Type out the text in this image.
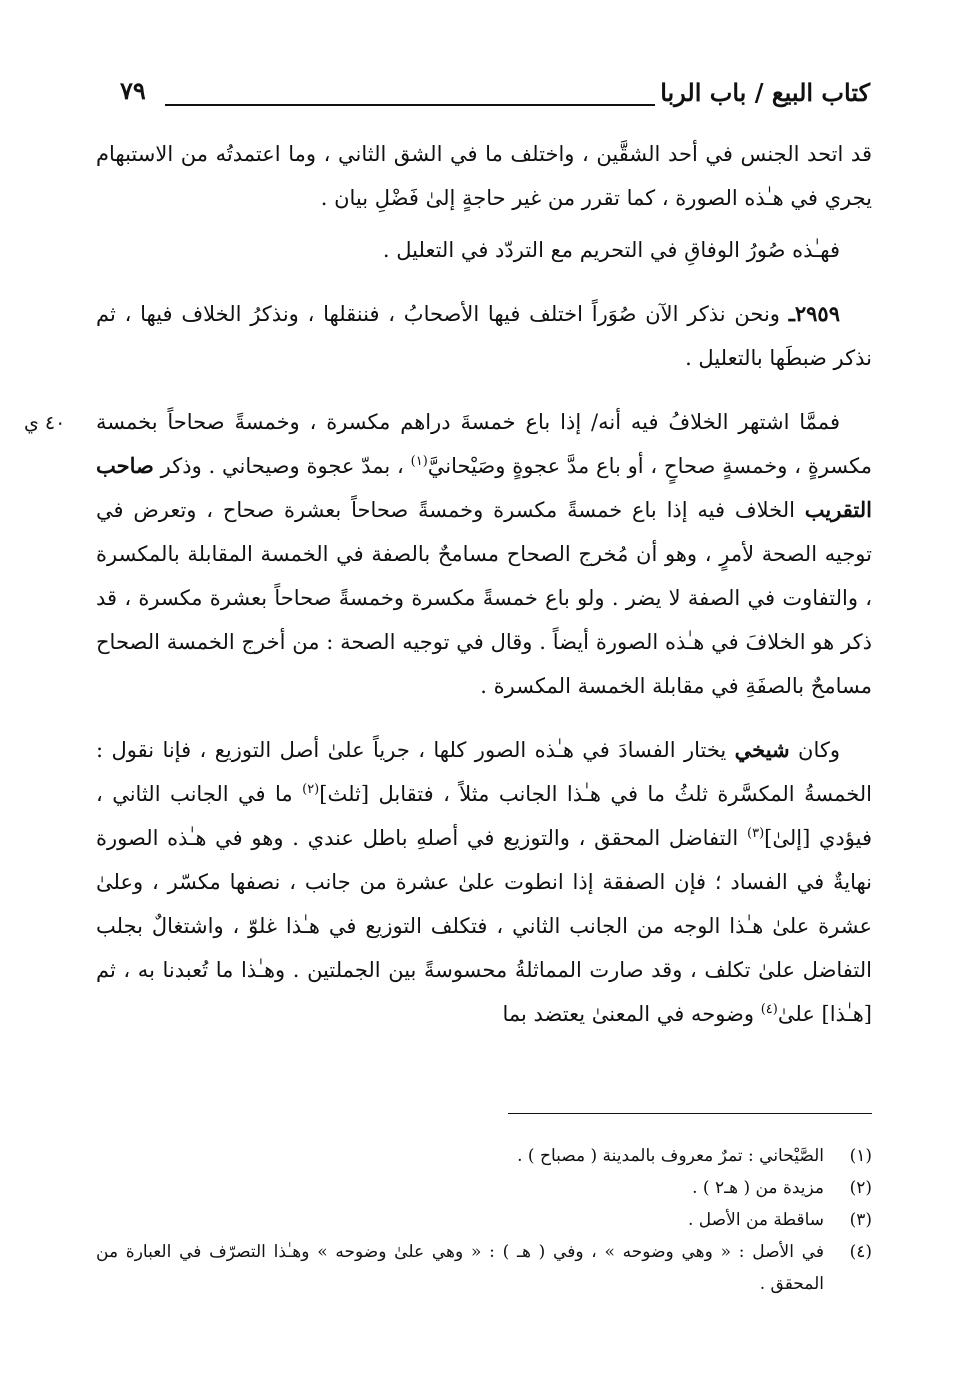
كتاب البيع / باب الربا
٧٩
٤٠ ي

قد اتحد الجنس في أحد الشقَّين ، واختلف ما في الشق الثاني ، وما اعتمدتُه من الاستبهام يجري في هـٰذه الصورة ، كما تقرر من غير حاجةٍ إلىٰ فَضْلِ بيان .

فهـٰذه صُورُ الوفاقِ في التحريم مع التردّد في التعليل .

٢٩٥٩ـ ونحن نذكر الآن صُوَراً اختلف فيها الأصحابُ ، فننقلها ، ونذكرُ الخلاف فيها ، ثم نذكر ضبطَها بالتعليل .

فممَّا اشتهر الخلافُ فيه أنه/ إذا باع خمسةَ دراهم مكسرة ، وخمسةً صحاحاً بخمسة مكسرةٍ ، وخمسةٍ صحاحٍ ، أو باع مدَّ عجوةٍ وصَيْحانيَّ$^{(١)}$ ، بمدّ عجوة وصيحاني . وذكر صاحب التقريب الخلاف فيه إذا باع خمسةً مكسرة وخمسةً صحاحاً بعشرة صحاح ، وتعرض في توجيه الصحة لأمرٍ ، وهو أن مُخرج الصحاح مسامحٌ بالصفة في الخمسة المقابلة بالمكسرة ، والتفاوت في الصفة لا يضر . ولو باع خمسةً مكسرة وخمسةً صحاحاً بعشرة مكسرة ، قد ذكر هو الخلافَ في هـٰذه الصورة أيضاً . وقال في توجيه الصحة : من أخرج الخمسة الصحاح مسامحٌ بالصفَةِ في مقابلة الخمسة المكسرة .

وكان شيخي يختار الفسادَ في هـٰذه الصور كلها ، جرياً علىٰ أصل التوزيع ، فإنا نقول : الخمسةُ المكسَّرة ثلثُ ما في هـٰذا الجانب مثلاً ، فتقابل [ثلث]$^{(٢)}$ ما في الجانب الثاني ، فيؤدي [إلىٰ]$^{(٣)}$ التفاضل المحقق ، والتوزيع في أصلهِ باطل عندي . وهو في هـٰذه الصورة نهايةٌ في الفساد ؛ فإن الصفقة إذا انطوت علىٰ عشرة من جانب ، نصفها مكسّر ، وعلىٰ عشرة علىٰ هـٰذا الوجه من الجانب الثاني ، فتكلف التوزيع في هـٰذا غلوّ ، واشتغالٌ بجلب التفاضل علىٰ تكلف ، وقد صارت المماثلةُ محسوسةً بين الجملتين . وهـٰذا ما تُعبدنا به ، ثم [هـٰذا] علىٰ$^{(٤)}$ وضوحه في المعنىٰ يعتضد بما

(١)
الصَّيْحاني : تمرٌ معروف بالمدينة ( مصباح ) .
(٢)
مزيدة من ( هـ٢ ) .
(٣)
ساقطة من الأصل .
(٤)
في الأصل : « وهي وضوحه » ، وفي ( هـ ) : « وهي علىٰ وضوحه » وهـٰذا التصرّف في العبارة من المحقق .
